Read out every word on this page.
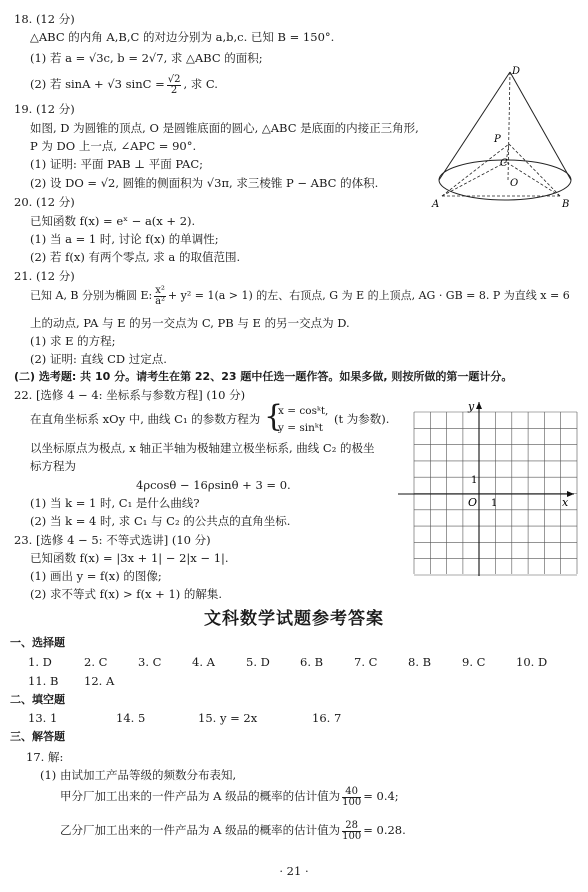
18. (12 分)
△ABC 的内角 A,B,C 的对边分别为 a,b,c. 已知 B = 150°.
(1) 若 a = √3c, b = 2√7, 求 △ABC 的面积;
(2) 若 sinA + √3 $\sin C = \frac{√2}{2}$ , 求 C.
19. (12 分)
如图, D 为圆锥的顶点, O 是圆锥底面的圆心, △ABC 是底面的内接正三角形,
P 为 DO 上一点, ∠APC = 90°.
(1) 证明: 平面 PAB ⊥ 平面 PAC;
(2) 设 DO = √2, 圆锥的侧面积为 √3π, 求三棱锥 P − ABC 的体积.
D
P
C
O
A	B
20. (12 分)
已知函数 f(x) = eˣ − a(x + 2).
(1) 当 a = 1 时, 讨论 f(x) 的单调性;
(2) 若 f(x) 有两个零点, 求 a 的取值范围.
21. (12 分)
已知 A, B 分别为椭圆 E: $\frac{\text{x²}}{\text{a²}} + y^2 = 1(a > 1)$ 的左、右顶点, G 为 E 的上顶点, AG · GB = 8. P 为直线 x = 6
上的动点, PA 与 E 的另一交点为 C, PB 与 E 的另一交点为 D.
(1) 求 E 的方程;
(2) 证明: 直线 CD 过定点.
(二) 选考题: 共 10 分。请考生在第 22、23 题中任选一题作答。如果多做, 则按所做的第一题计分。
22. [选修 4 − 4: 坐标系与参数方程] (10 分)
在直角坐标系 xOy 中, 曲线 C₁ 的参数方程为 {
x = cosᵏt,
y = sinᵏt
(t 为参数).
以坐标原点为极点, x 轴正半轴为极轴建立极坐标系, 曲线 C₂ 的极坐
标方程为
4ρcosθ − 16ρsinθ + 3 = 0.
(1) 当 k = 1 时, C₁ 是什么曲线?
(2) 当 k = 4 时, 求 C₁ 与 C₂ 的公共点的直角坐标.
y
x
O 1
1
23. [选修 4 − 5: 不等式选讲] (10 分)
已知函数 f(x) = |3x + 1| − 2|x − 1|.
(1) 画出 y = f(x) 的图像;
(2) 求不等式 f(x) > f(x + 1) 的解集.
文科数学试题参考答案
一、选择题
1. D	2. C	3. C	4. A	5. D	6. B	7. C	8. B	9. C	10. D
11. B 12. A
二、填空题
13. 1	14. 5	15. y = 2x	16. 7
三、解答题
17. 解:
(1) 由试加工产品等级的频数分布表知,
甲分厂加工出来的一件产品为 A 级品的概率的估计值为 $\frac{40}{100} = 0.4$;
乙分厂加工出来的一件产品为 A 级品的概率的估计值为 $\frac{28}{100} = 0.28$.
· 21 ·
